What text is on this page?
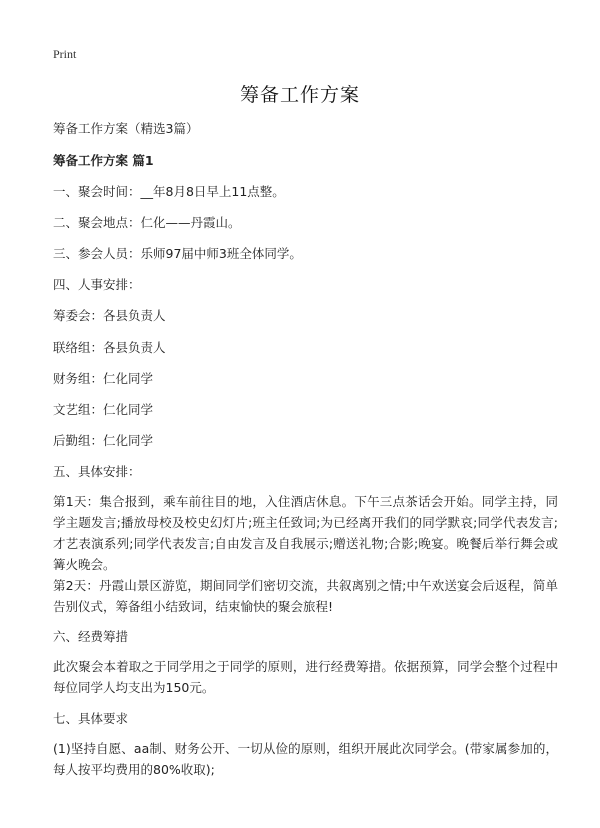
Print
筹备工作方案
筹备工作方案（精选3篇）
筹备工作方案 篇1
一、聚会时间：__年8月8日早上11点整。
二、聚会地点：仁化——丹霞山。
三、参会人员：乐师97届中师3班全体同学。
四、人事安排：
筹委会：各县负责人
联络组：各县负责人
财务组：仁化同学
文艺组：仁化同学
后勤组：仁化同学
五、具体安排：
第1天：集合报到，乘车前往目的地，入住酒店休息。下午三点茶话会开始。同学主持，同学主题发言;播放母校及校史幻灯片;班主任致词;为已经离开我们的同学默哀;同学代表发言;才艺表演系列;同学代表发言;自由发言及自我展示;赠送礼物;合影;晚宴。晚餐后举行舞会或篝火晚会。
第2天：丹霞山景区游览，期间同学们密切交流，共叙离别之情;中午欢送宴会后返程，简单告别仪式，筹备组小结致词，结束愉快的聚会旅程!
六、经费筹措
此次聚会本着取之于同学用之于同学的原则，进行经费筹措。依据预算，同学会整个过程中每位同学人均支出为150元。
七、具体要求
(1)坚持自愿、aa制、财务公开、一切从俭的原则，组织开展此次同学会。(带家属参加的，每人按平均费用的80%收取);
